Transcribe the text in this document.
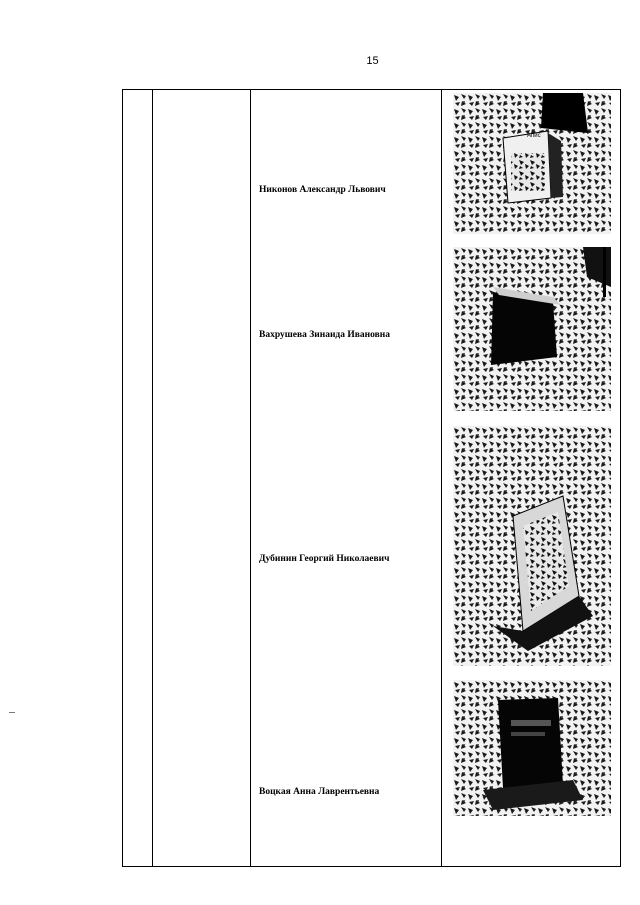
15
Никонов Александр Львович
Апис
Вахрушева Зинаида Ивановна
Дубинин Георгий Николаевич
Воцкая Анна Лаврентьевна
